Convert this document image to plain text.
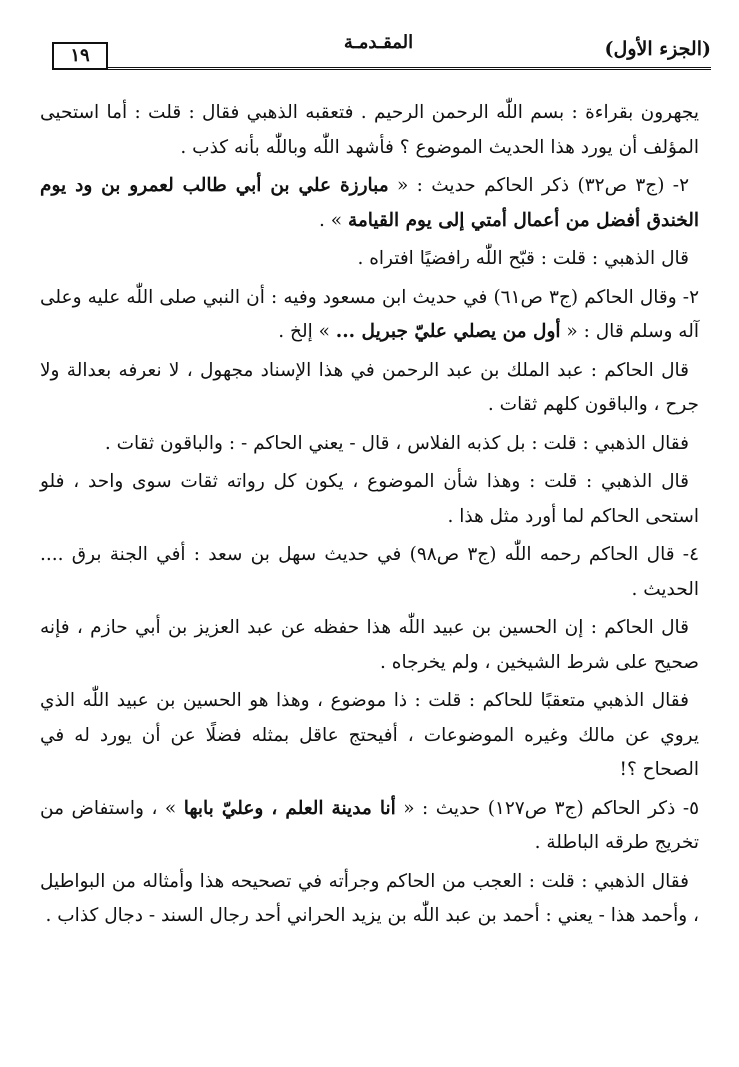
(الجزء الأول)
المقـدمـة
١٩

يجهرون بقراءة : بسم اللّٰه الرحمن الرحيم . فتعقبه الذهبي فقال : قلت : أما استحيى المؤلف أن يورد هذا الحديث الموضوع ؟ فأشهد اللّٰه وباللّٰه بأنه كذب .

٢- (ج٣ ص٣٢) ذكر الحاكم حديث : « مبارزة علي بن أبي طالب لعمرو بن ود يوم الخندق أفضل من أعمال أمتي إلى يوم القيامة » .

قال الذهبي : قلت : قبّح اللّٰه رافضيًا افتراه .

٢- وقال الحاكم (ج٣ ص٦١) في حديث ابن مسعود وفيه : أن النبي صلى اللّٰه عليه وعلى آله وسلم قال : « أول من يصلي عليّ جبريل ... » إلخ .

قال الحاكم : عبد الملك بن عبد الرحمن في هذا الإسناد مجهول ، لا نعرفه بعدالة ولا جرح ، والباقون كلهم ثقات .

فقال الذهبي : قلت : بل كذبه الفلاس ، قال - يعني الحاكم - : والباقون ثقات .

قال الذهبي : قلت : وهذا شأن الموضوع ، يكون كل رواته ثقات سوى واحد ، فلو استحى الحاكم لما أورد مثل هذا .

٤- قال الحاكم رحمه اللّٰه (ج٣ ص٩٨) في حديث سهل بن سعد : أفي الجنة برق .... الحديث .

قال الحاكم : إن الحسين بن عبيد اللّٰه هذا حفظه عن عبد العزيز بن أبي حازم ، فإنه صحيح على شرط الشيخين ، ولم يخرجاه .

فقال الذهبي متعقبًا للحاكم : قلت : ذا موضوع ، وهذا هو الحسين بن عبيد اللّٰه الذي يروي عن مالك وغيره الموضوعات ، أفيحتج عاقل بمثله فضلًا عن أن يورد له في الصحاح ؟!

٥- ذكر الحاكم (ج٣ ص١٢٧) حديث : « أنا مدينة العلم ، وعليّ بابها » ، واستفاض من تخريج طرقه الباطلة .

فقال الذهبي : قلت : العجب من الحاكم وجرأته في تصحيحه هذا وأمثاله من البواطيل ، وأحمد هذا - يعني : أحمد بن عبد اللّٰه بن يزيد الحراني أحد رجال السند - دجال كذاب .
